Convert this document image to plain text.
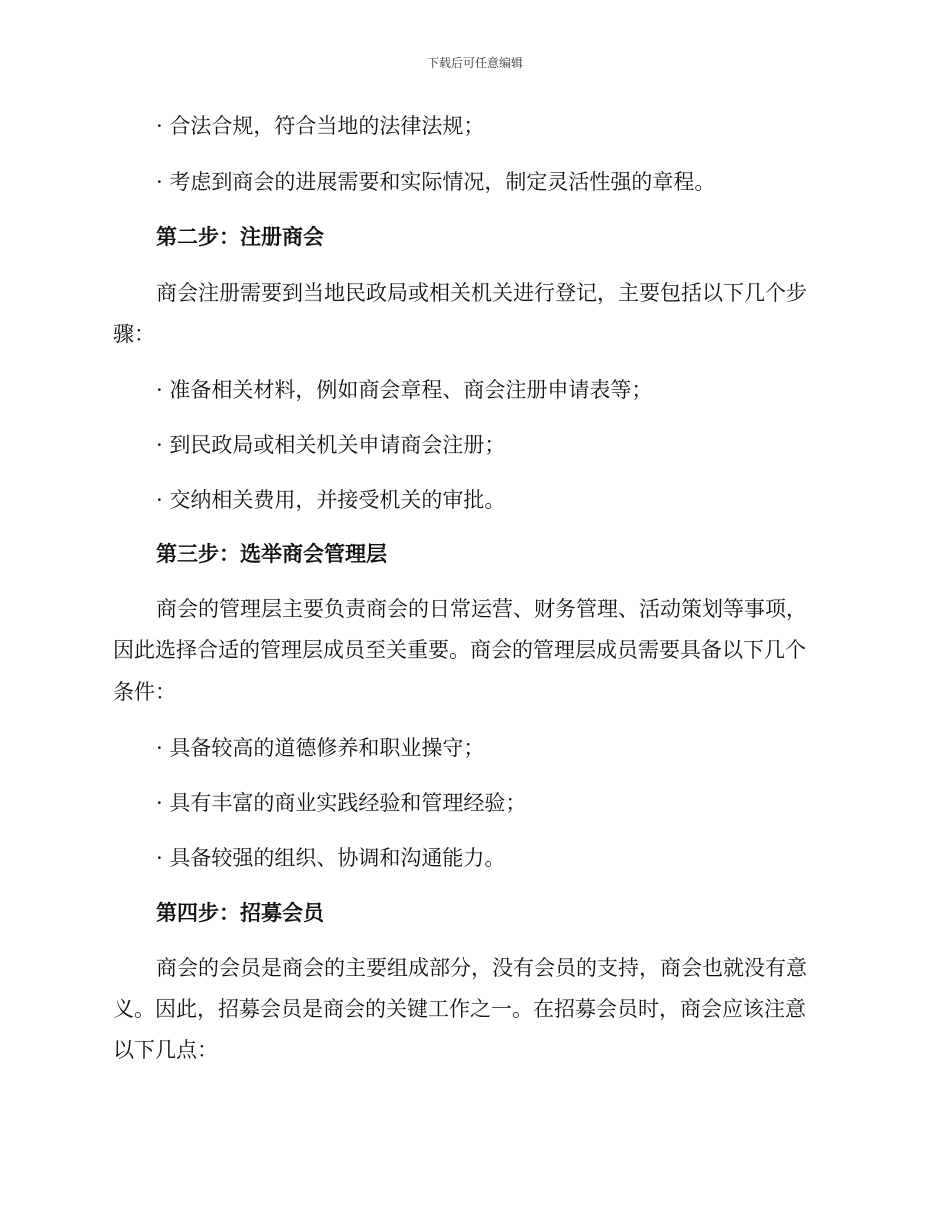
下载后可任意编辑
· 合法合规，符合当地的法律法规；
· 考虑到商会的进展需要和实际情况，制定灵活性强的章程。
第二步：注册商会
商会注册需要到当地民政局或相关机关进行登记，主要包括以下几个步
骤：
· 准备相关材料，例如商会章程、商会注册申请表等；
· 到民政局或相关机关申请商会注册；
· 交纳相关费用，并接受机关的审批。
第三步：选举商会管理层
商会的管理层主要负责商会的日常运营、财务管理、活动策划等事项，
因此选择合适的管理层成员至关重要。商会的管理层成员需要具备以下几个
条件：
· 具备较高的道德修养和职业操守；
· 具有丰富的商业实践经验和管理经验；
· 具备较强的组织、协调和沟通能力。
第四步：招募会员
商会的会员是商会的主要组成部分，没有会员的支持，商会也就没有意
义。因此，招募会员是商会的关键工作之一。在招募会员时，商会应该注意
以下几点：
